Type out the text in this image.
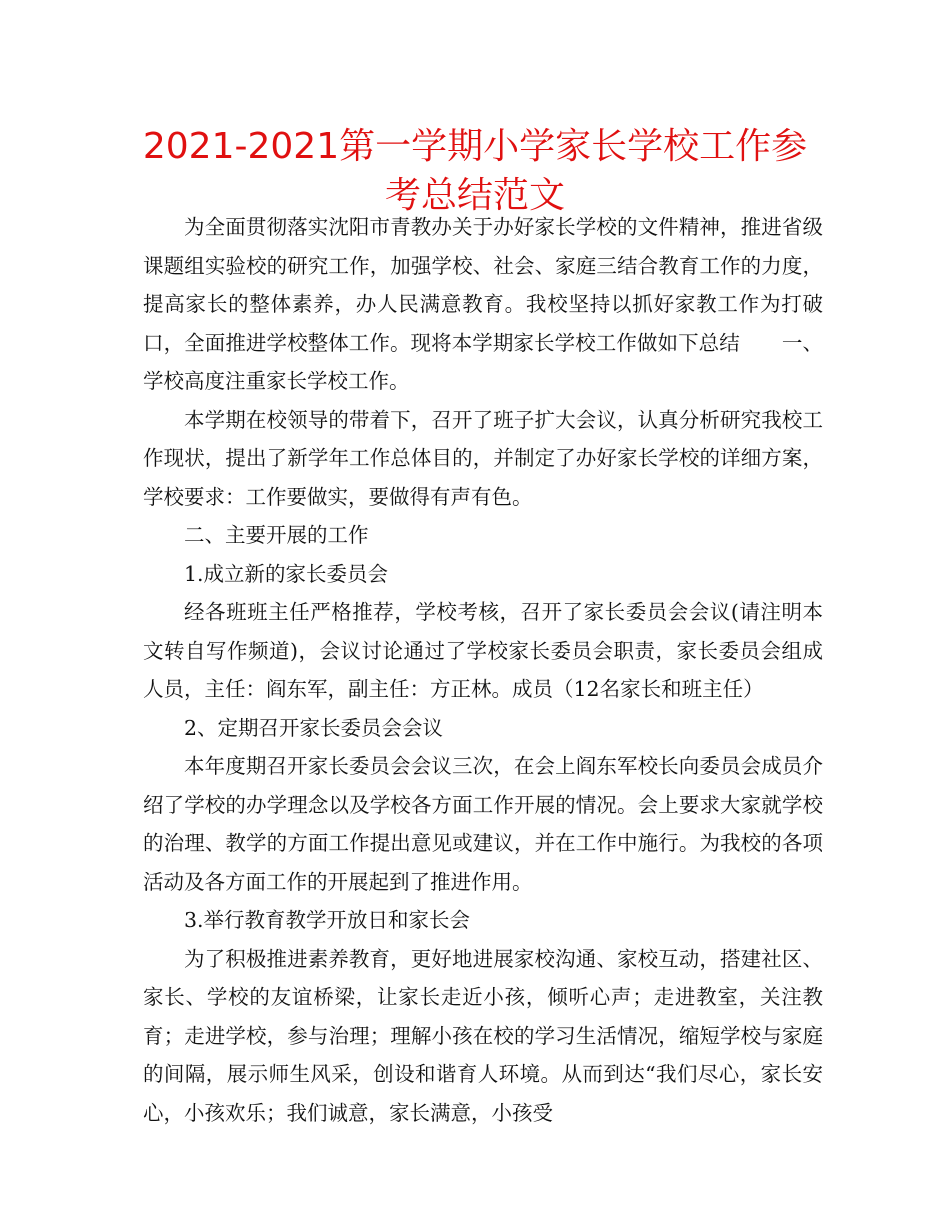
2021-2021第一学期小学家长学校工作参考总结范文

为全面贯彻落实沈阳市青教办关于办好家长学校的文件精神，推进省级课题组实验校的研究工作，加强学校、社会、家庭三结合教育工作的力度，提高家长的整体素养，办人民满意教育。我校坚持以抓好家教工作为打破口，全面推进学校整体工作。现将本学期家长学校工作做如下总结 一、学校高度注重家长学校工作。

本学期在校领导的带着下，召开了班子扩大会议，认真分析研究我校工作现状，提出了新学年工作总体目的，并制定了办好家长学校的详细方案，学校要求：工作要做实，要做得有声有色。

二、主要开展的工作

1.成立新的家长委员会

经各班班主任严格推荐，学校考核，召开了家长委员会会议(请注明本文转自写作频道)，会议讨论通过了学校家长委员会职责，家长委员会组成人员，主任：阎东军，副主任：方正林。成员（12名家长和班主任）

2、定期召开家长委员会会议

本年度期召开家长委员会会议三次，在会上阎东军校长向委员会成员介绍了学校的办学理念以及学校各方面工作开展的情况。会上要求大家就学校的治理、教学的方面工作提出意见或建议，并在工作中施行。为我校的各项活动及各方面工作的开展起到了推进作用。

3.举行教育教学开放日和家长会

为了积极推进素养教育，更好地进展家校沟通、家校互动，搭建社区、家长、学校的友谊桥梁，让家长走近小孩，倾听心声；走进教室，关注教育；走进学校，参与治理；理解小孩在校的学习生活情况，缩短学校与家庭的间隔，展示师生风采，创设和谐育人环境。从而到达“我们尽心，家长安心，小孩欢乐；我们诚意，家长满意，小孩受
